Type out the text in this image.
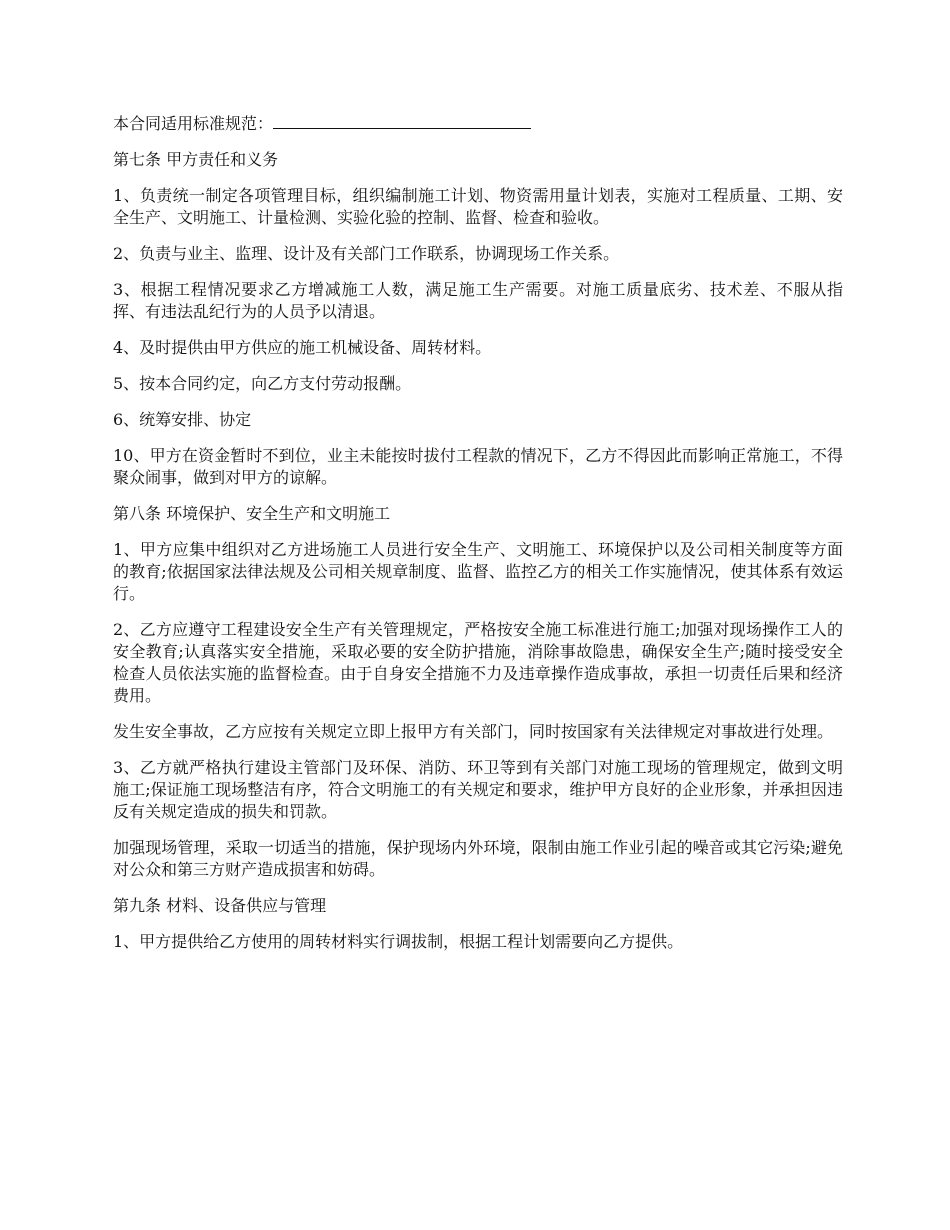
本合同适用标准规范：

第七条 甲方责任和义务

1、负责统一制定各项管理目标，组织编制施工计划、物资需用量计划表，实施对工程质量、工期、安全生产、文明施工、计量检测、实验化验的控制、监督、检查和验收。

2、负责与业主、监理、设计及有关部门工作联系，协调现场工作关系。

3、根据工程情况要求乙方增减施工人数，满足施工生产需要。对施工质量底劣、技术差、不服从指挥、有违法乱纪行为的人员予以清退。

4、及时提供由甲方供应的施工机械设备、周转材料。

5、按本合同约定，向乙方支付劳动报酬。

6、统筹安排、协定

10、甲方在资金暂时不到位，业主未能按时拔付工程款的情况下，乙方不得因此而影响正常施工，不得聚众闹事，做到对甲方的谅解。

第八条 环境保护、安全生产和文明施工

1、甲方应集中组织对乙方进场施工人员进行安全生产、文明施工、环境保护以及公司相关制度等方面的教育;依据国家法律法规及公司相关规章制度、监督、监控乙方的相关工作实施情况，使其体系有效运行。

2、乙方应遵守工程建设安全生产有关管理规定，严格按安全施工标准进行施工;加强对现场操作工人的安全教育;认真落实安全措施，采取必要的安全防护措施，消除事故隐患，确保安全生产;随时接受安全检查人员依法实施的监督检查。由于自身安全措施不力及违章操作造成事故，承担一切责任后果和经济费用。

发生安全事故，乙方应按有关规定立即上报甲方有关部门，同时按国家有关法律规定对事故进行处理。

3、乙方就严格执行建设主管部门及环保、消防、环卫等到有关部门对施工现场的管理规定，做到文明施工;保证施工现场整洁有序，符合文明施工的有关规定和要求，维护甲方良好的企业形象，并承担因违反有关规定造成的损失和罚款。

加强现场管理，采取一切适当的措施，保护现场内外环境，限制由施工作业引起的噪音或其它污染;避免对公众和第三方财产造成损害和妨碍。

第九条 材料、设备供应与管理

1、甲方提供给乙方使用的周转材料实行调拔制，根据工程计划需要向乙方提供。
